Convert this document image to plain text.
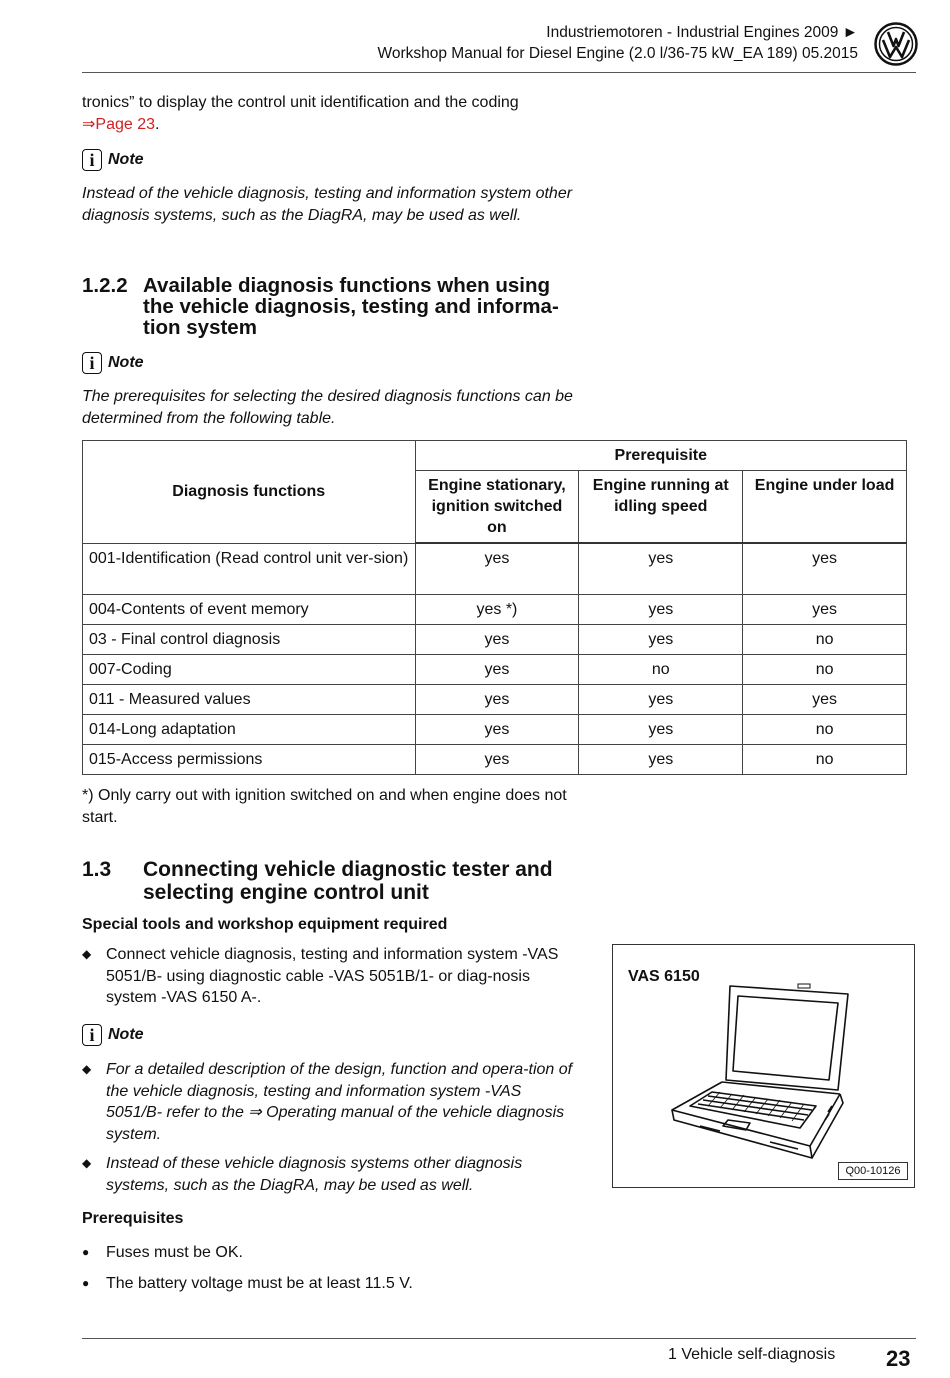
Industriemotoren - Industrial Engines 2009 ►
Workshop Manual for Diesel Engine (2.0 l/36-75 kW_EA 189) 05.2015
tronics” to display the control unit identification and the coding
⇒Page 23.
i Note
Instead of the vehicle diagnosis, testing and information system other diagnosis systems, such as the DiagRA, may be used as well.
1.2.2 Available diagnosis functions when using the vehicle diagnosis, testing and informa-tion system
i Note
The prerequisites for selecting the desired diagnosis functions can be determined from the following table.
Diagnosis functions	Prerequisite		
	Engine stationary, ignition switched on	Engine running at idling speed	Engine under load
001-Identification (Read control unit ver-sion)	yes	yes	yes
004-Contents of event memory	yes *)	yes	yes
03 - Final control diagnosis	yes	yes	no
007-Coding	yes	no	no
011 - Measured values	yes	yes	yes
014-Long adaptation	yes	yes	no
015-Access permissions	yes	yes	no
*) Only carry out with ignition switched on and when engine does not start.
1.3 Connecting vehicle diagnostic tester and selecting engine control unit
Special tools and workshop equipment required
◆ Connect vehicle diagnosis, testing and information system -VAS 5051/B- using diagnostic cable -VAS 5051B/1- or diag-nosis system -VAS 6150 A-.
i Note
◆ For a detailed description of the design, function and opera-tion of the vehicle diagnosis, testing and information system -VAS 5051/B- refer to the ⇒ Operating manual of the vehicle diagnosis system.
◆ Instead of these vehicle diagnosis systems other diagnosis systems, such as the DiagRA, may be used as well.
Prerequisites
● Fuses must be OK.
● The battery voltage must be at least 11.5 V.
VAS 6150
Q00-10126
1 Vehicle self-diagnosis 23
